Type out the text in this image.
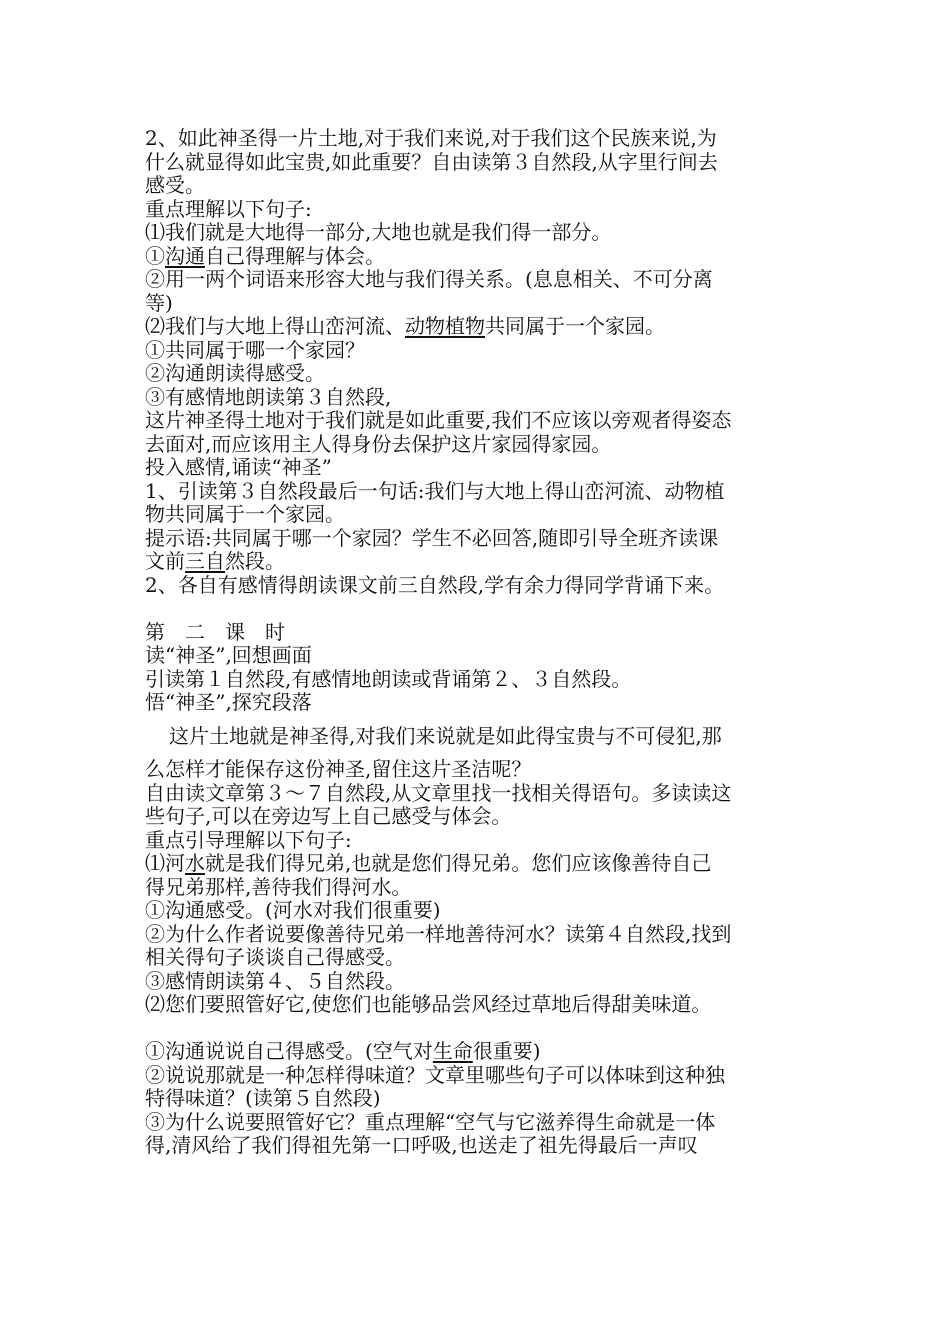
2、如此神圣得一片土地,对于我们来说,对于我们这个民族来说,为
什么就显得如此宝贵,如此重要？自由读第３自然段,从字里行间去
感受。
重点理解以下句子:
⑴我们就是大地得一部分,大地也就是我们得一部分。
①沟通自己得理解与体会。
②用一两个词语来形容大地与我们得关系。(息息相关、不可分离
等)
⑵我们与大地上得山峦河流、动物植物共同属于一个家园。
①共同属于哪一个家园？
②沟通朗读得感受。
③有感情地朗读第３自然段,
这片神圣得土地对于我们就是如此重要,我们不应该以旁观者得姿态
去面对,而应该用主人得身份去保护这片家园得家园。
投入感情,诵读“神圣”
1、引读第３自然段最后一句话:我们与大地上得山峦河流、动物植
物共同属于一个家园。
提示语:共同属于哪一个家园？学生不必回答,随即引导全班齐读课
文前三自然段。
2、各自有感情得朗读课文前三自然段,学有余力得同学背诵下来。
第　二　课　时
读“神圣”,回想画面
引读第１自然段,有感情地朗读或背诵第２、３自然段。
悟“神圣”,探究段落
这片土地就是神圣得,对我们来说就是如此得宝贵与不可侵犯,那
么怎样才能保存这份神圣,留住这片圣洁呢？
自由读文章第３～７自然段,从文章里找一找相关得语句。多读读这
些句子,可以在旁边写上自己感受与体会。
重点引导理解以下句子:
⑴河水就是我们得兄弟,也就是您们得兄弟。您们应该像善待自己
得兄弟那样,善待我们得河水。
①沟通感受。(河水对我们很重要)
②为什么作者说要像善待兄弟一样地善待河水？读第４自然段,找到
相关得句子谈谈自己得感受。
③感情朗读第４、５自然段。
⑵您们要照管好它,使您们也能够品尝风经过草地后得甜美味道。
①沟通说说自己得感受。(空气对生命很重要)
②说说那就是一种怎样得味道？文章里哪些句子可以体味到这种独
特得味道？(读第５自然段)
③为什么说要照管好它？重点理解“空气与它滋养得生命就是一体
得,清风给了我们得祖先第一口呼吸,也送走了祖先得最后一声叹
